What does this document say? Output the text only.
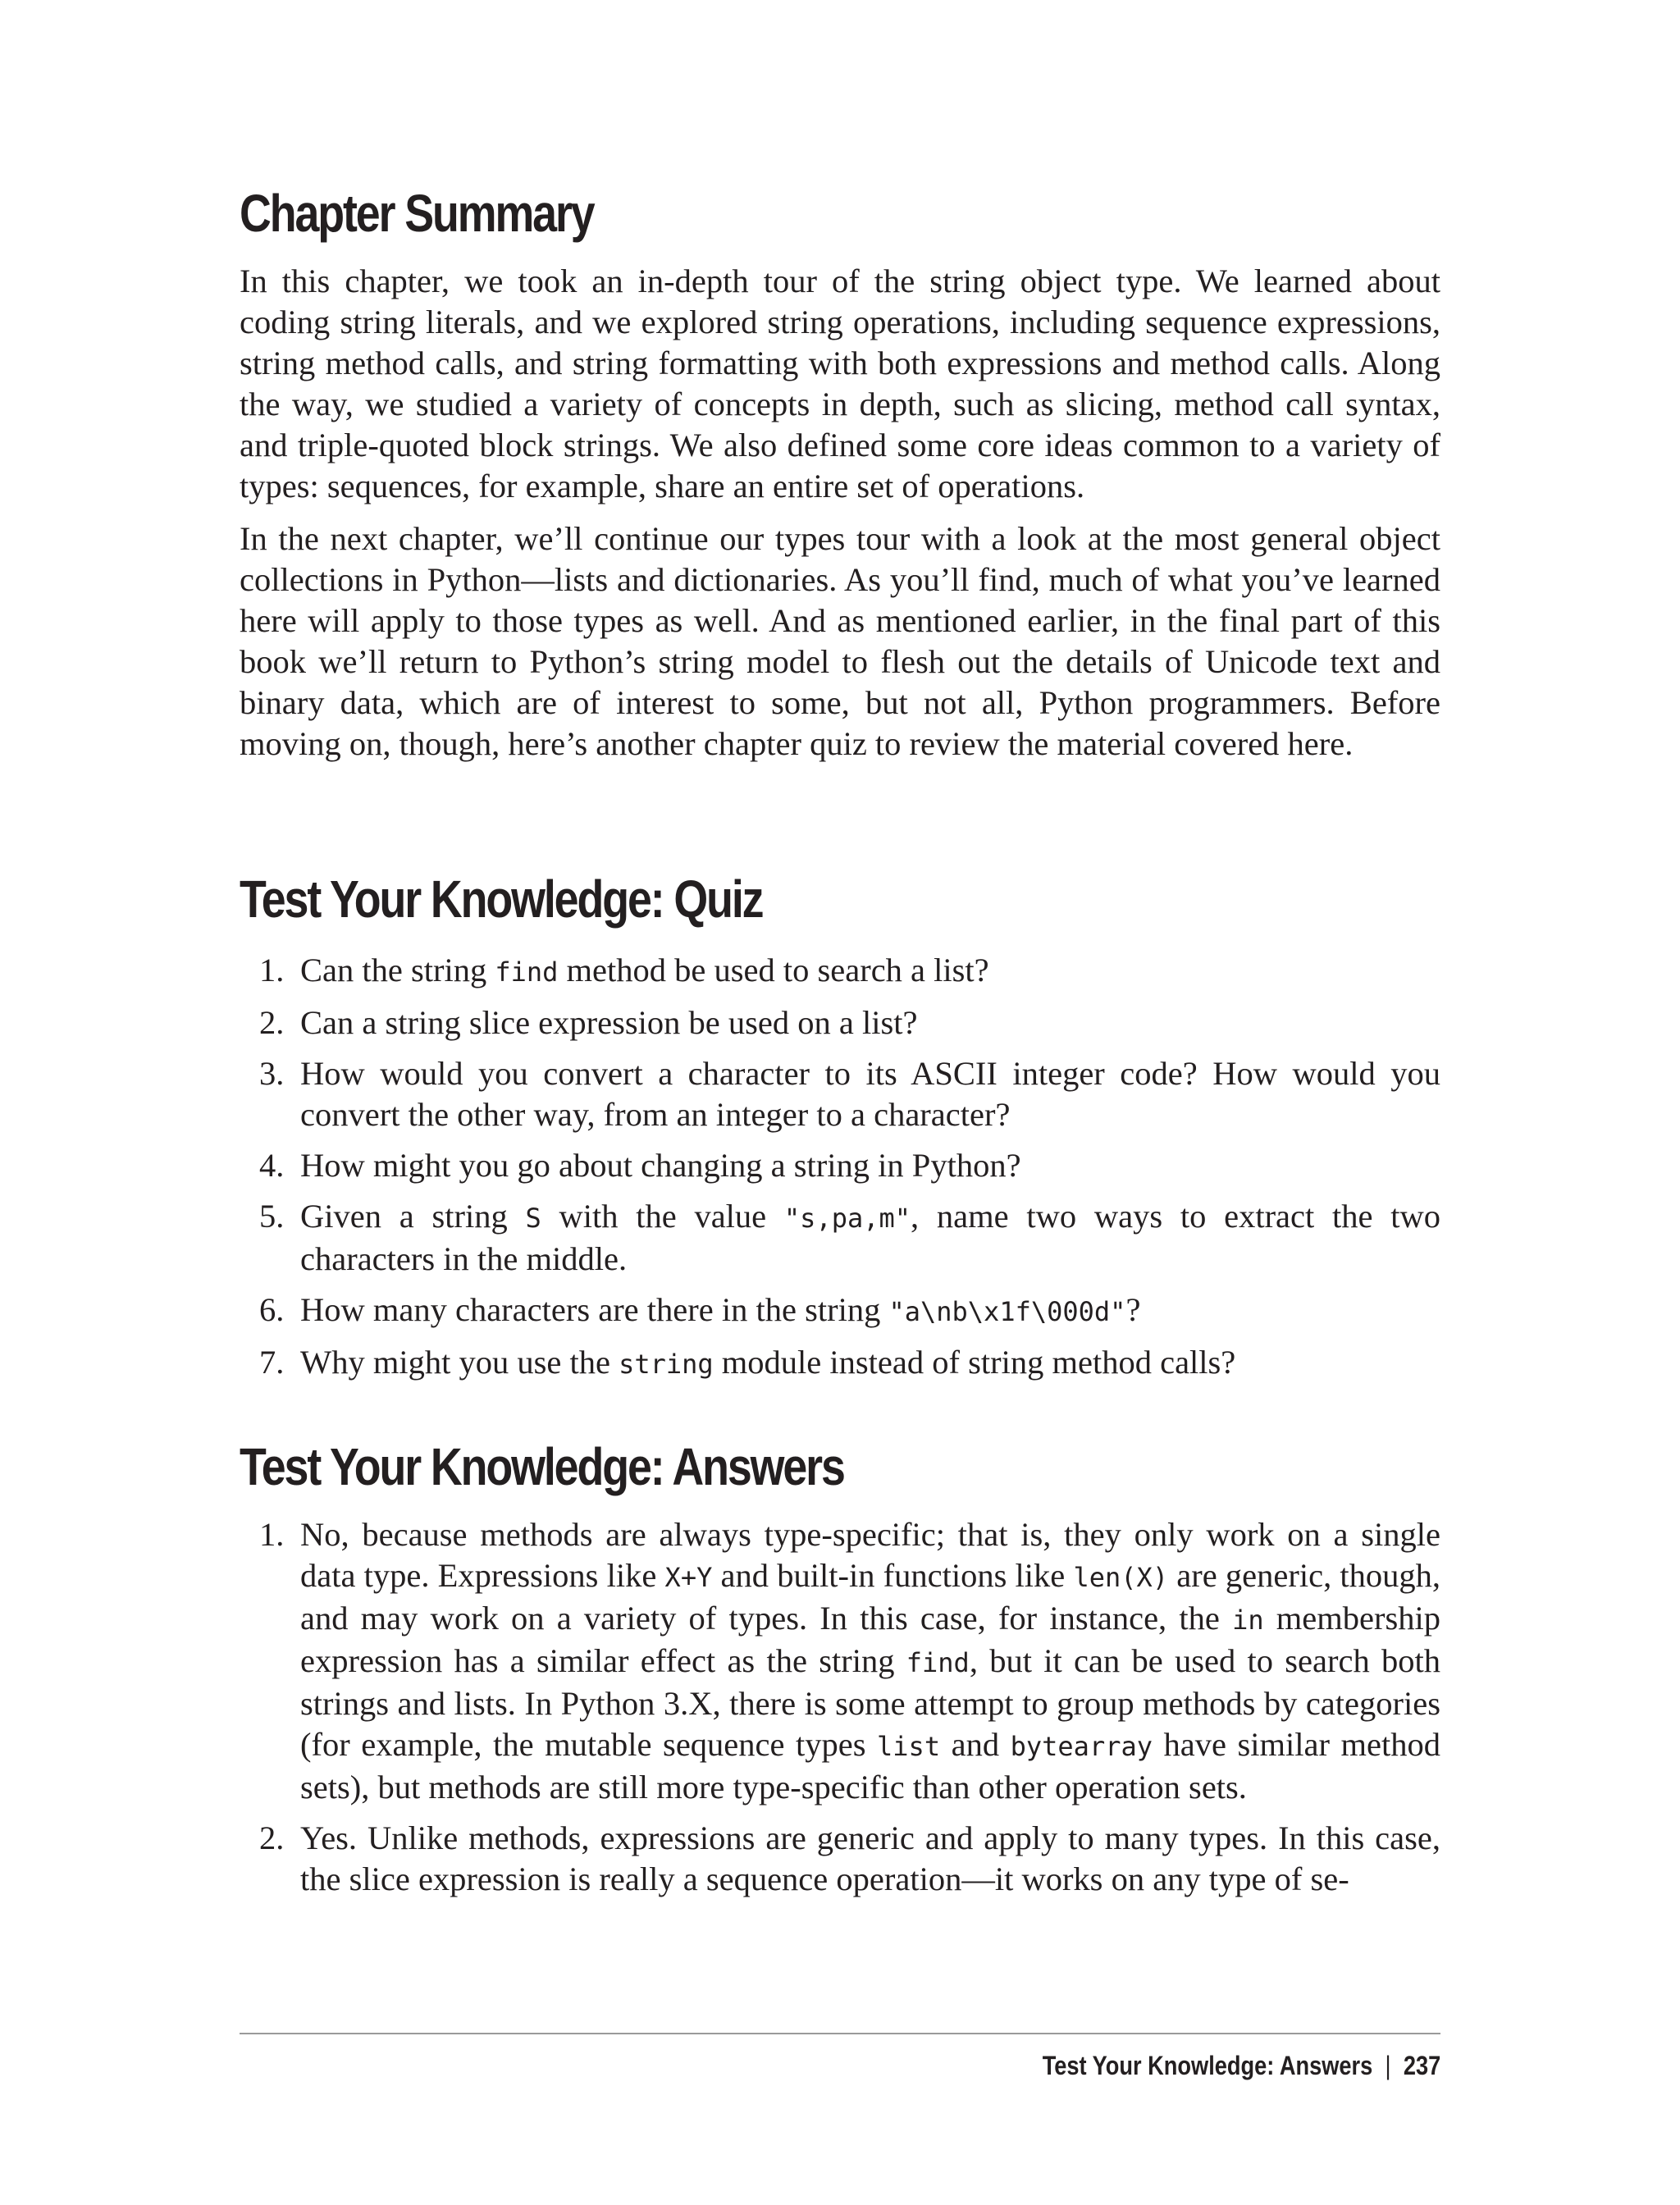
Chapter Summary

In this chapter, we took an in-depth tour of the string object type. We learned about coding string literals, and we explored string operations, including sequence expressions, string method calls, and string formatting with both expressions and method calls. Along the way, we studied a variety of concepts in depth, such as slicing, method call syntax, and triple-quoted block strings. We also defined some core ideas common to a variety of types: sequences, for example, share an entire set of operations.

In the next chapter, we’ll continue our types tour with a look at the most general object collections in Python—lists and dictionaries. As you’ll find, much of what you’ve learned here will apply to those types as well. And as mentioned earlier, in the final part of this book we’ll return to Python’s string model to flesh out the details of Unicode text and binary data, which are of interest to some, but not all, Python programmers. Before moving on, though, here’s another chapter quiz to review the material covered here.

Test Your Knowledge: Quiz
1. Can the string find method be used to search a list?
2. Can a string slice expression be used on a list?
3. How would you convert a character to its ASCII integer code? How would you convert the other way, from an integer to a character?
4. How might you go about changing a string in Python?
5. Given a string S with the value "s,pa,m", name two ways to extract the two characters in the middle.
6. How many characters are there in the string "a\nb\x1f\000d"?
7. Why might you use the string module instead of string method calls?
Test Your Knowledge: Answers
1. No, because methods are always type-specific; that is, they only work on a single data type. Expressions like X+Y and built-in functions like len(X) are generic, though, and may work on a variety of types. In this case, for instance, the in membership expression has a similar effect as the string find, but it can be used to search both strings and lists. In Python 3.X, there is some attempt to group methods by categories (for example, the mutable sequence types list and bytearray have similar method sets), but methods are still more type-specific than other operation sets.
2. Yes. Unlike methods, expressions are generic and apply to many types. In this case, the slice expression is really a sequence operation—it works on any type of se-
Test Your Knowledge: Answers | 237
